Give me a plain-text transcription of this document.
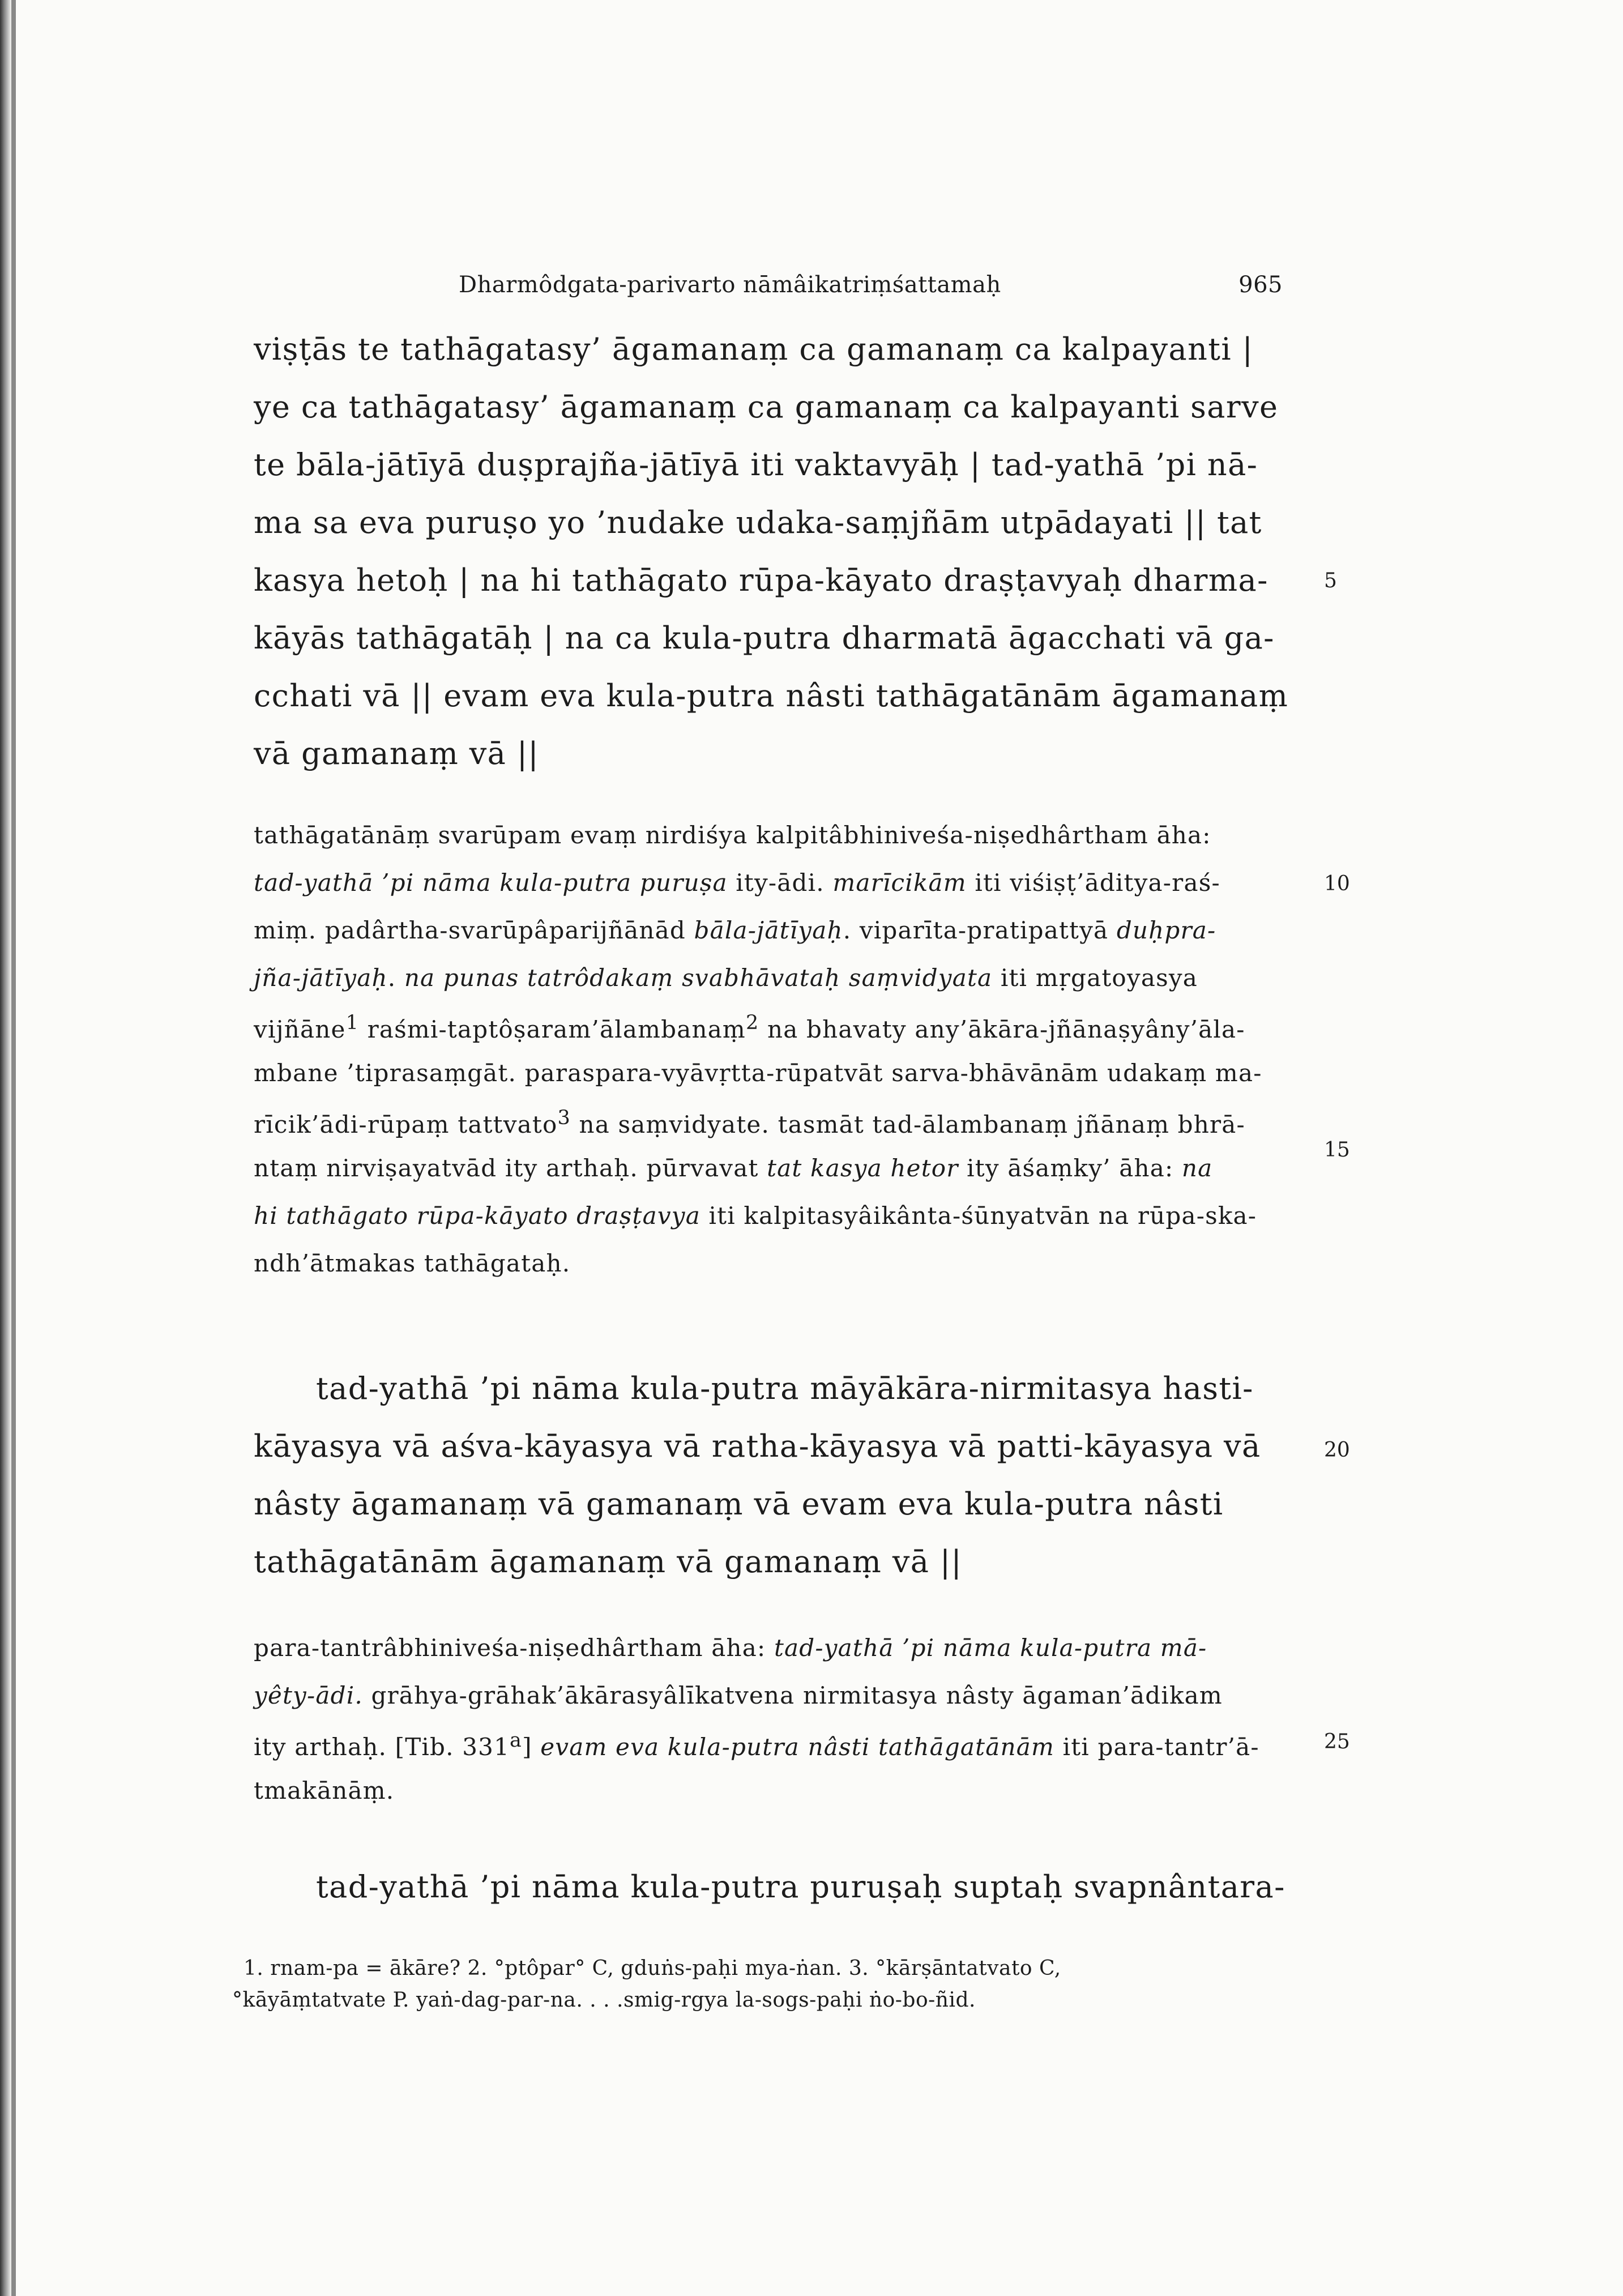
Dharmôdgata-parivarto nāmâikatriṃśattamaḥ	965
viṣṭās te tathāgatasy’ āgamanaṃ ca gamanaṃ ca kalpayanti |
ye ca tathāgatasy’ āgamanaṃ ca gamanaṃ ca kalpayanti sarve
te bāla-jātīyā duṣprajña-jātīyā iti vaktavyāḥ | tad-yathā ’pi nā-
ma sa eva puruṣo yo ’nudake udaka-saṃjñām utpādayati || tat
kasya hetoḥ | na hi tathāgato rūpa-kāyato draṣṭavyaḥ dharma-
kāyās tathāgatāḥ | na ca kula-putra dharmatā āgacchati vā ga-
cchati vā || evam eva kula-putra nâsti tathāgatānām āgamanaṃ
vā gamanaṃ vā ||
tathāgatānāṃ svarūpam evaṃ nirdiśya kalpitâbhiniveśa-niṣedhârtham āha:
tad-yathā ’pi nāma kula-putra puruṣa ity-ādi. marīcikām iti viśiṣṭ’āditya-raś-
miṃ. padârtha-svarūpâparijñānād bāla-jātīyaḥ. viparīta-pratipattyā duḥpra-
jña-jātīyaḥ. na punas tatrôdakaṃ svabhāvataḥ saṃvidyata iti mṛgatoyasya
vijñāne$^1$ raśmi-taptôṣaram’ālambanaṃ$^2$ na bhavaty any’ākāra-jñānaṣyâny’āla-
mbane ’tiprasaṃgāt. paraspara-vyāvṛtta-rūpatvāt sarva-bhāvānām udakaṃ ma-
rīcik’ādi-rūpaṃ tattvato$^3$ na saṃvidyate. tasmāt tad-ālambanaṃ jñānaṃ bhrā-
ntaṃ nirviṣayatvād ity arthaḥ. pūrvavat tat kasya hetor ity āśaṃky’ āha: na
hi tathāgato rūpa-kāyato draṣṭavya iti kalpitasyâikânta-śūnyatvān na rūpa-ska-
ndh’ātmakas tathāgataḥ.
tad-yathā ’pi nāma kula-putra māyākāra-nirmitasya hasti-
kāyasya vā aśva-kāyasya vā ratha-kāyasya vā patti-kāyasya vā
nâsty āgamanaṃ vā gamanaṃ vā evam eva kula-putra nâsti
tathāgatānām āgamanaṃ vā gamanaṃ vā ||
para-tantrâbhiniveśa-niṣedhârtham āha: tad-yathā ’pi nāma kula-putra mā-
yêty-ādi. grāhya-grāhak’ākārasyâlīkatvena nirmitasya nâsty āgaman’ādikam
ity arthaḥ. [Tib. 331$^a$] evam eva kula-putra nâsti tathāgatānām iti para-tantr’ā-
tmakānāṃ.
tad-yathā ’pi nāma kula-putra puruṣaḥ suptaḥ svapnântara-
5
10
15
20
25
1. rnam-pa = ākāre? 2. °ptôpar° C, gduṅs-paḥi mya-ṅan. 3. °kārṣāntatvato C,
°kāyāṃtatvate P. yaṅ-dag-par-na. . . .smig-rgya la-sogs-paḥi ṅo-bo-ñid.
